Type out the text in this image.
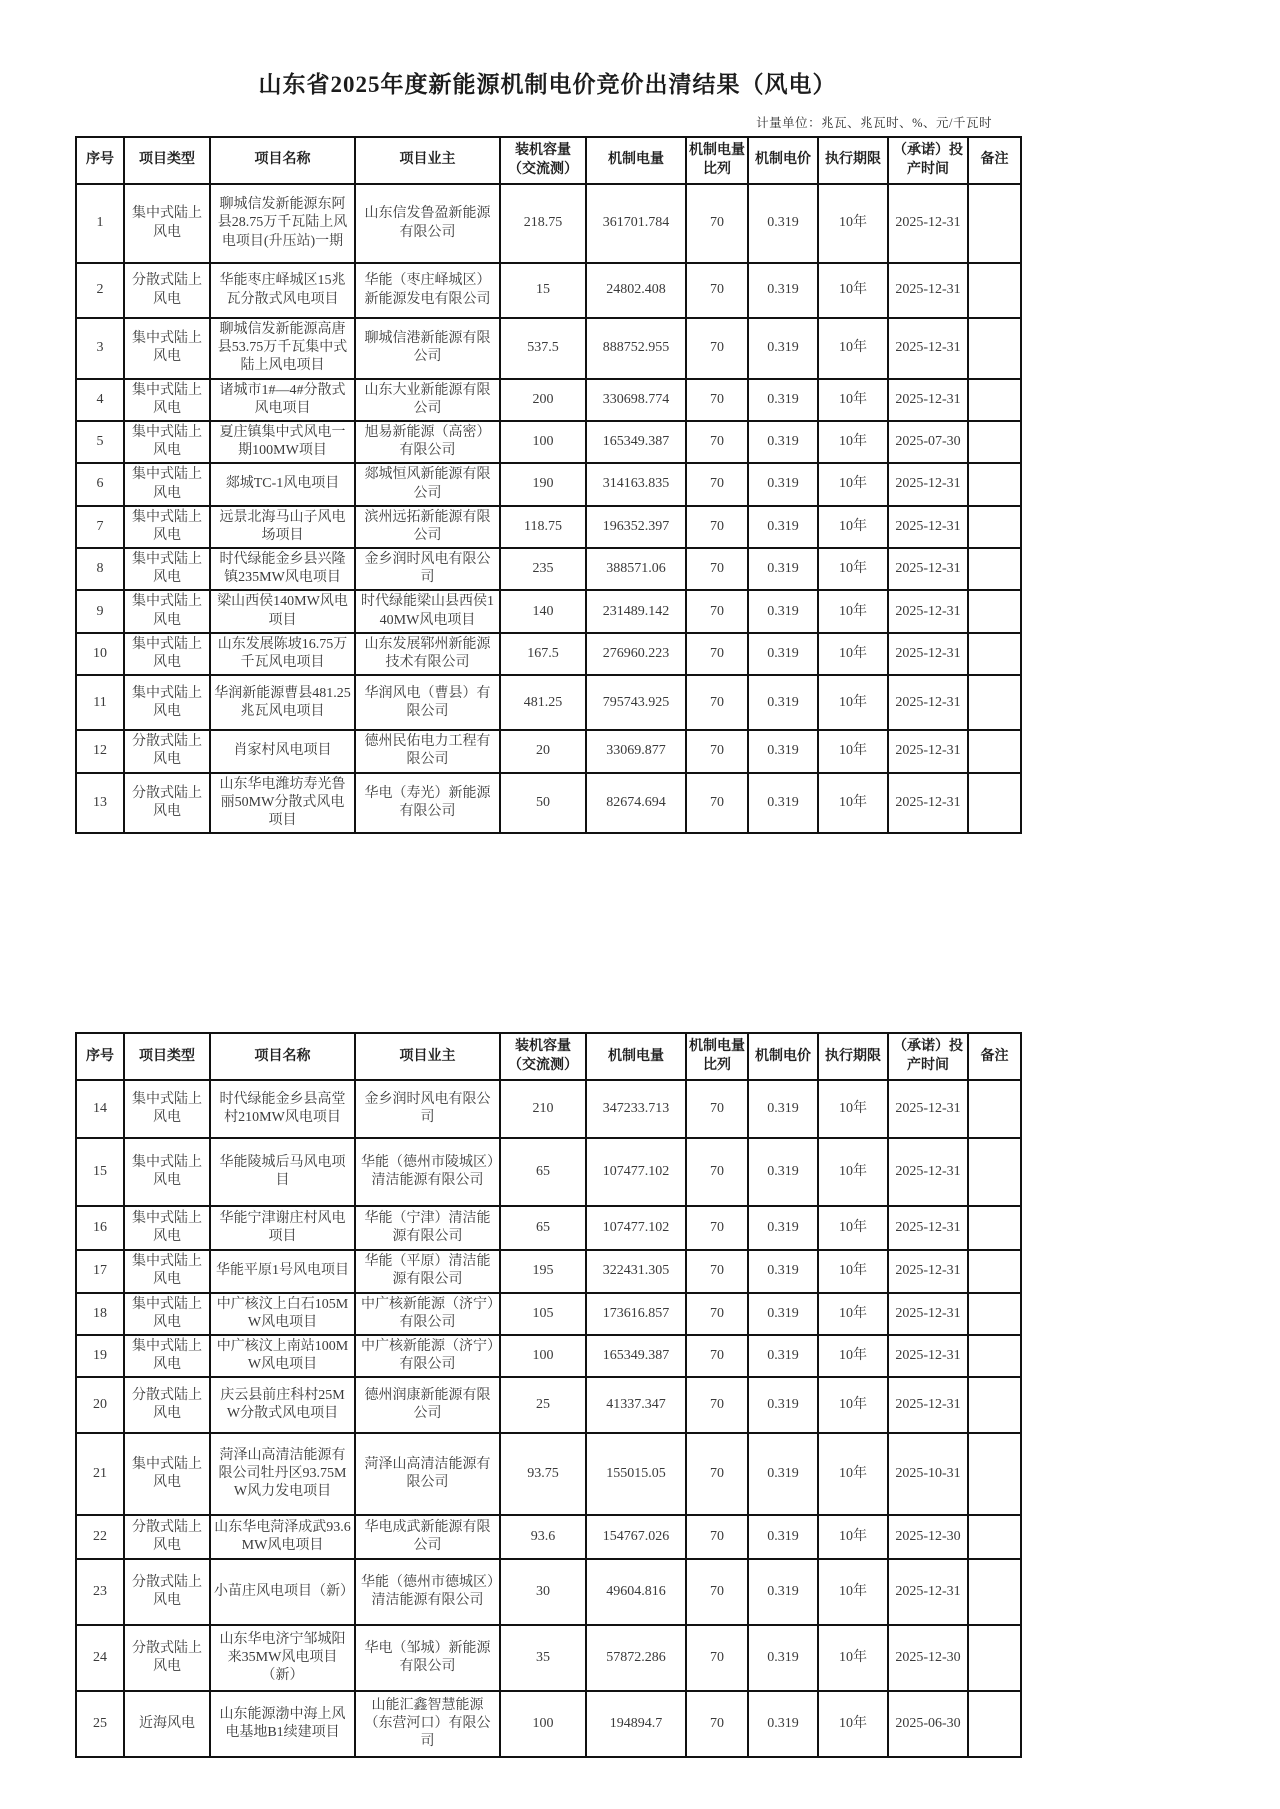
山东省2025年度新能源机制电价竞价出清结果（风电）
计量单位：兆瓦、兆瓦时、%、元/千瓦时
序号	项目类型	项目名称	项目业主	装机容量（交流测）	机制电量	机制电量比列	机制电价	执行期限	（承诺）投产时间	备注
1	集中式陆上风电	聊城信发新能源东阿县28.75万千瓦陆上风电项目(升压站)一期	山东信发鲁盈新能源有限公司	218.75	361701.784	70	0.319	10年	2025-12-31	
2	分散式陆上风电	华能枣庄峄城区15兆瓦分散式风电项目	华能（枣庄峄城区）新能源发电有限公司	15	24802.408	70	0.319	10年	2025-12-31	
3	集中式陆上风电	聊城信发新能源高唐县53.75万千瓦集中式陆上风电项目	聊城信港新能源有限公司	537.5	888752.955	70	0.319	10年	2025-12-31	
4	集中式陆上风电	诸城市1#—4#分散式风电项目	山东大业新能源有限公司	200	330698.774	70	0.319	10年	2025-12-31	
5	集中式陆上风电	夏庄镇集中式风电一期100MW项目	旭易新能源（高密）有限公司	100	165349.387	70	0.319	10年	2025-07-30	
6	集中式陆上风电	郯城TC-1风电项目	郯城恒风新能源有限公司	190	314163.835	70	0.319	10年	2025-12-31	
7	集中式陆上风电	远景北海马山子风电场项目	滨州远拓新能源有限公司	118.75	196352.397	70	0.319	10年	2025-12-31	
8	集中式陆上风电	时代绿能金乡县兴隆镇235MW风电项目	金乡润时风电有限公司	235	388571.06	70	0.319	10年	2025-12-31	
9	集中式陆上风电	梁山西侯140MW风电项目	时代绿能梁山县西侯140MW风电项目	140	231489.142	70	0.319	10年	2025-12-31	
10	集中式陆上风电	山东发展陈坡16.75万千瓦风电项目	山东发展郓州新能源技术有限公司	167.5	276960.223	70	0.319	10年	2025-12-31	
11	集中式陆上风电	华润新能源曹县481.25兆瓦风电项目	华润风电（曹县）有限公司	481.25	795743.925	70	0.319	10年	2025-12-31	
12	分散式陆上风电	肖家村风电项目	德州民佑电力工程有限公司	20	33069.877	70	0.319	10年	2025-12-31	
13	分散式陆上风电	山东华电潍坊寿光鲁丽50MW分散式风电项目	华电（寿光）新能源有限公司	50	82674.694	70	0.319	10年	2025-12-31	
序号	项目类型	项目名称	项目业主	装机容量（交流测）	机制电量	机制电量比列	机制电价	执行期限	（承诺）投产时间	备注
14	集中式陆上风电	时代绿能金乡县高堂村210MW风电项目	金乡润时风电有限公司	210	347233.713	70	0.319	10年	2025-12-31	
15	集中式陆上风电	华能陵城后马风电项目	华能（德州市陵城区）清洁能源有限公司	65	107477.102	70	0.319	10年	2025-12-31	
16	集中式陆上风电	华能宁津谢庄村风电项目	华能（宁津）清洁能源有限公司	65	107477.102	70	0.319	10年	2025-12-31	
17	集中式陆上风电	华能平原1号风电项目	华能（平原）清洁能源有限公司	195	322431.305	70	0.319	10年	2025-12-31	
18	集中式陆上风电	中广核汶上白石105MW风电项目	中广核新能源（济宁）有限公司	105	173616.857	70	0.319	10年	2025-12-31	
19	集中式陆上风电	中广核汶上南站100MW风电项目	中广核新能源（济宁）有限公司	100	165349.387	70	0.319	10年	2025-12-31	
20	分散式陆上风电	庆云县前庄科村25MW分散式风电项目	德州润康新能源有限公司	25	41337.347	70	0.319	10年	2025-12-31	
21	集中式陆上风电	菏泽山高清洁能源有限公司牡丹区93.75MW风力发电项目	菏泽山高清洁能源有限公司	93.75	155015.05	70	0.319	10年	2025-10-31	
22	分散式陆上风电	山东华电菏泽成武93.6MW风电项目	华电成武新能源有限公司	93.6	154767.026	70	0.319	10年	2025-12-30	
23	分散式陆上风电	小苗庄风电项目（新）	华能（德州市德城区）清洁能源有限公司	30	49604.816	70	0.319	10年	2025-12-31	
24	分散式陆上风电	山东华电济宁邹城阳来35MW风电项目（新）	华电（邹城）新能源有限公司	35	57872.286	70	0.319	10年	2025-12-30	
25	近海风电	山东能源渤中海上风电基地B1续建项目	山能汇鑫智慧能源（东营河口）有限公司	100	194894.7	70	0.319	10年	2025-06-30	
